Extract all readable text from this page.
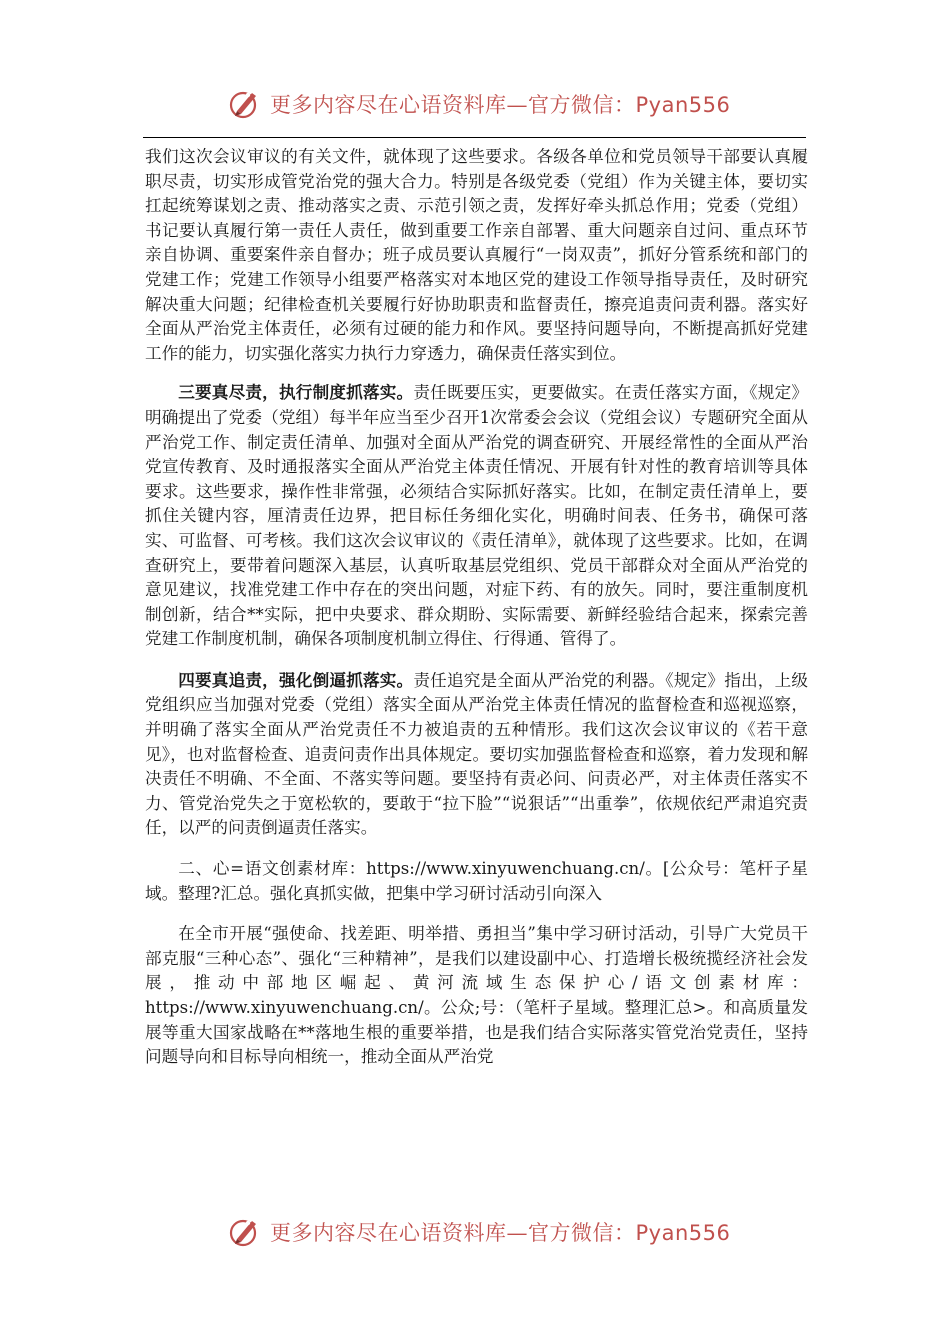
更多内容尽在心语资料库—官方微信：Pyan556

我们这次会议审议的有关文件，就体现了这些要求。各级各单位和党员领导干部要认真履职尽责，切实形成管党治党的强大合力。特别是各级党委（党组）作为关键主体，要切实扛起统筹谋划之责、推动落实之责、示范引领之责，发挥好牵头抓总作用；党委（党组）书记要认真履行第一责任人责任，做到重要工作亲自部署、重大问题亲自过问、重点环节亲自协调、重要案件亲自督办；班子成员要认真履行“一岗双责”，抓好分管系统和部门的党建工作；党建工作领导小组要严格落实对本地区党的建设工作领导指导责任，及时研究解决重大问题；纪律检查机关要履行好协助职责和监督责任，擦亮追责问责利器。落实好全面从严治党主体责任，必须有过硬的能力和作风。要坚持问题导向，不断提高抓好党建工作的能力，切实强化落实力执行力穿透力，确保责任落实到位。

三要真尽责，执行制度抓落实。责任既要压实，更要做实。在责任落实方面，《规定》明确提出了党委（党组）每半年应当至少召开1次常委会会议（党组会议）专题研究全面从严治党工作、制定责任清单、加强对全面从严治党的调查研究、开展经常性的全面从严治党宣传教育、及时通报落实全面从严治党主体责任情况、开展有针对性的教育培训等具体要求。这些要求，操作性非常强，必须结合实际抓好落实。比如，在制定责任清单上，要抓住关键内容，厘清责任边界，把目标任务细化实化，明确时间表、任务书，确保可落实、可监督、可考核。我们这次会议审议的《责任清单》，就体现了这些要求。比如，在调查研究上，要带着问题深入基层，认真听取基层党组织、党员干部群众对全面从严治党的意见建议，找准党建工作中存在的突出问题，对症下药、有的放矢。同时，要注重制度机制创新，结合**实际，把中央要求、群众期盼、实际需要、新鲜经验结合起来，探索完善党建工作制度机制，确保各项制度机制立得住、行得通、管得了。

四要真追责，强化倒逼抓落实。责任追究是全面从严治党的利器。《规定》指出，上级党组织应当加强对党委（党组）落实全面从严治党主体责任情况的监督检查和巡视巡察，并明确了落实全面从严治党责任不力被追责的五种情形。我们这次会议审议的《若干意见》，也对监督检查、追责问责作出具体规定。要切实加强监督检查和巡察，着力发现和解决责任不明确、不全面、不落实等问题。要坚持有责必问、问责必严，对主体责任落实不力、管党治党失之于宽松软的，要敢于“拉下脸”“说狠话”“出重拳”，依规依纪严肃追究责任，以严的问责倒逼责任落实。

二、心=语文创素材库：https://www.xinyuwenchuang.cn/。[公众号：笔杆子星域。整理?汇总。强化真抓实做，把集中学习研讨活动引向深入

在全市开展“强使命、找差距、明举措、勇担当”集中学习研讨活动，引导广大党员干部克服“三种心态”、强化“三种精神”，是我们以建设副中心、打造增长极统揽经济社会发展，推动中部地区崛起、黄河流域生态保护心/语文创素材库：https://www.xinyuwenchuang.cn/。公众;号：（笔杆子星域。整理汇总>。和高质量发展等重大国家战略在**落地生根的重要举措，也是我们结合实际落实管党治党责任，坚持问题导向和目标导向相统一，推动全面从严治党

更多内容尽在心语资料库—官方微信：Pyan556
